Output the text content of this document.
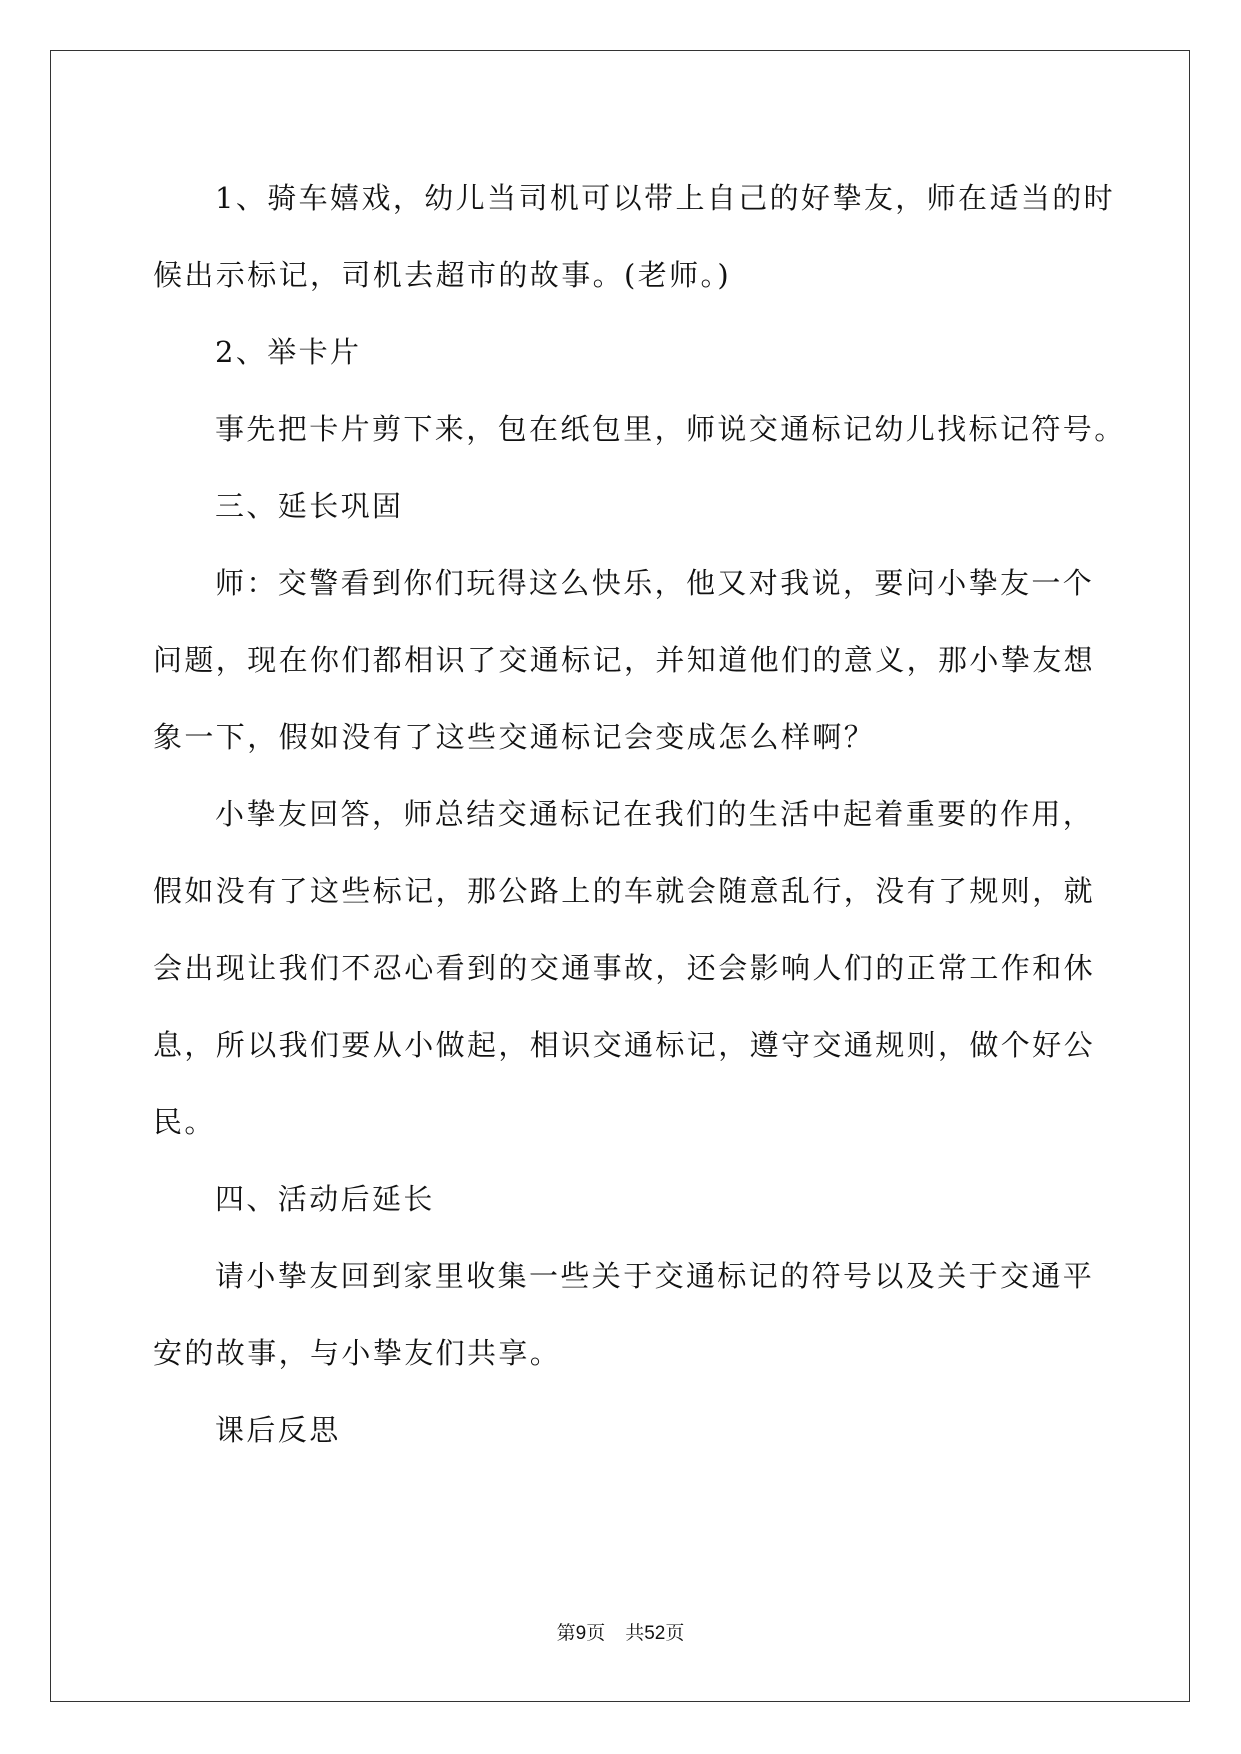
1、骑车嬉戏，幼儿当司机可以带上自己的好挚友，师在适当的时

候出示标记，司机去超市的故事。(老师。)

2、举卡片

事先把卡片剪下来，包在纸包里，师说交通标记幼儿找标记符号。

三、延长巩固

师：交警看到你们玩得这么快乐，他又对我说，要问小挚友一个

问题，现在你们都相识了交通标记，并知道他们的意义，那小挚友想

象一下，假如没有了这些交通标记会变成怎么样啊？

小挚友回答，师总结交通标记在我们的生活中起着重要的作用，

假如没有了这些标记，那公路上的车就会随意乱行，没有了规则，就

会出现让我们不忍心看到的交通事故，还会影响人们的正常工作和休

息，所以我们要从小做起，相识交通标记，遵守交通规则，做个好公

民。

四、活动后延长

请小挚友回到家里收集一些关于交通标记的符号以及关于交通平

安的故事，与小挚友们共享。

课后反思

第9页 共52页
